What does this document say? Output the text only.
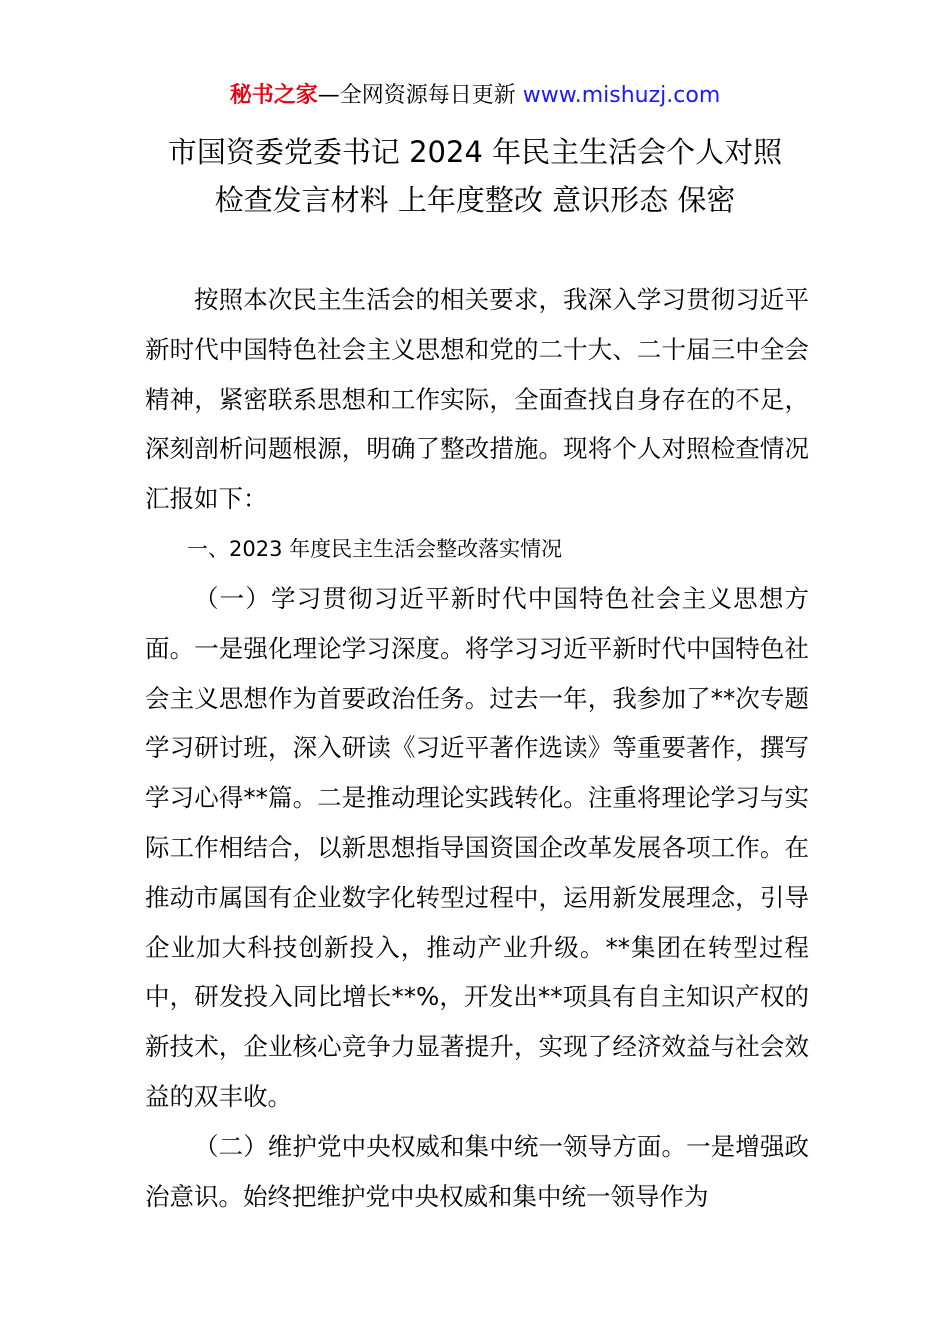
秘书之家—全网资源每日更新 www.mishuzj.com
市国资委党委书记 2024 年民主生活会个人对照
检查发言材料 上年度整改 意识形态 保密

按照本次民主生活会的相关要求，我深入学习贯彻习近平新时代中国特色社会主义思想和党的二十大、二十届三中全会精神，紧密联系思想和工作实际，全面查找自身存在的不足，深刻剖析问题根源，明确了整改措施。现将个人对照检查情况汇报如下：

一、2023 年度民主生活会整改落实情况

（一）学习贯彻习近平新时代中国特色社会主义思想方面。一是强化理论学习深度。将学习习近平新时代中国特色社会主义思想作为首要政治任务。过去一年，我参加了**次专题学习研讨班，深入研读《习近平著作选读》等重要著作，撰写学习心得**篇。二是推动理论实践转化。注重将理论学习与实际工作相结合，以新思想指导国资国企改革发展各项工作。在推动市属国有企业数字化转型过程中，运用新发展理念，引导企业加大科技创新投入，推动产业升级。**集团在转型过程中，研发投入同比增长**%，开发出**项具有自主知识产权的新技术，企业核心竞争力显著提升，实现了经济效益与社会效益的双丰收。

（二）维护党中央权威和集中统一领导方面。一是增强政治意识。始终把维护党中央权威和集中统一领导作为
